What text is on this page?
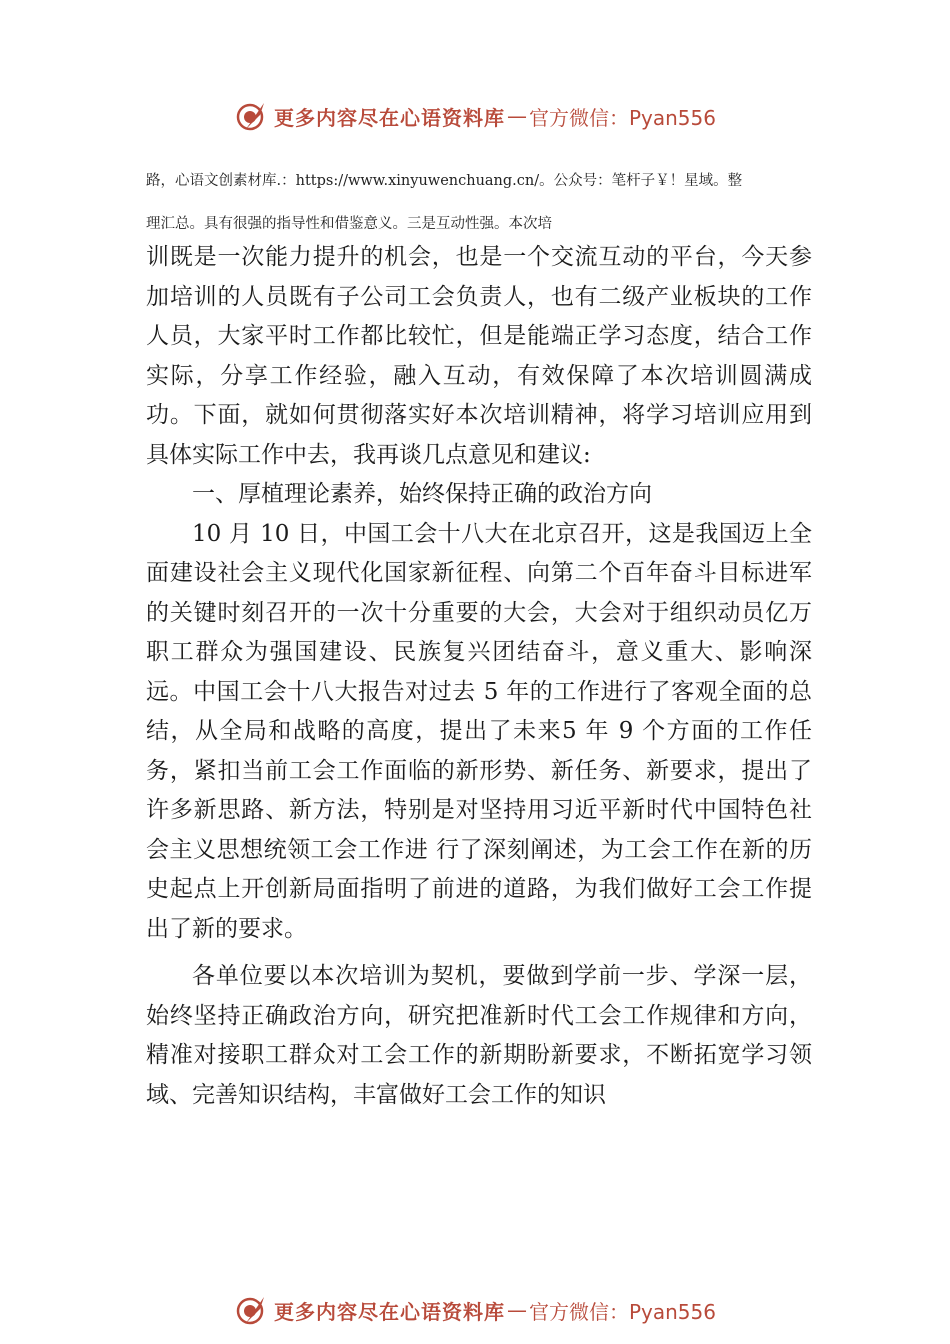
更多内容尽在心语资料库 — 官方微信：Pyan556
路，心语文创素材库.：https://www.xinyuwenchuang.cn/。公众号：笔杆子￥！星域。整
理汇总。具有很强的指导性和借鉴意义。三是互动性强。本次培

训既是一次能力提升的机会，也是一个交流互动的平台，今天参加培训的人员既有子公司工会负责人，也有二级产业板块的工作人员，大家平时工作都比较忙，但是能端正学习态度，结合工作实际，分享工作经验，融入互动，有效保障了本次培训圆满成功。下面，就如何贯彻落实好本次培训精神，将学习培训应用到具体实际工作中去，我再谈几点意见和建议:

一、厚植理论素养，始终保持正确的政治方向

10 月 10 日，中国工会十八大在北京召开，这是我国迈上全面建设社会主义现代化国家新征程、向第二个百年奋斗目标进军的关键时刻召开的一次十分重要的大会，大会对于组织动员亿万职工群众为强国建设、民族复兴团结奋斗，意义重大、影响深远。中国工会十八大报告对过去 5 年的工作进行了客观全面的总结，从全局和战略的高度，提出了未来5 年 9 个方面的工作任务，紧扣当前工会工作面临的新形势、新任务、新要求，提出了许多新思路、新方法，特别是对坚持用习近平新时代中国特色社会主义思想统领工会工作进 行了深刻阐述，为工会工作在新的历史起点上开创新局面指明了前进的道路，为我们做好工会工作提出了新的要求。

各单位要以本次培训为契机，要做到学前一步、学深一层，始终坚持正确政治方向，研究把准新时代工会工作规律和方向，精准对接职工群众对工会工作的新期盼新要求，不断拓宽学习领域、完善知识结构，丰富做好工会工作的知识

更多内容尽在心语资料库 — 官方微信：Pyan556
